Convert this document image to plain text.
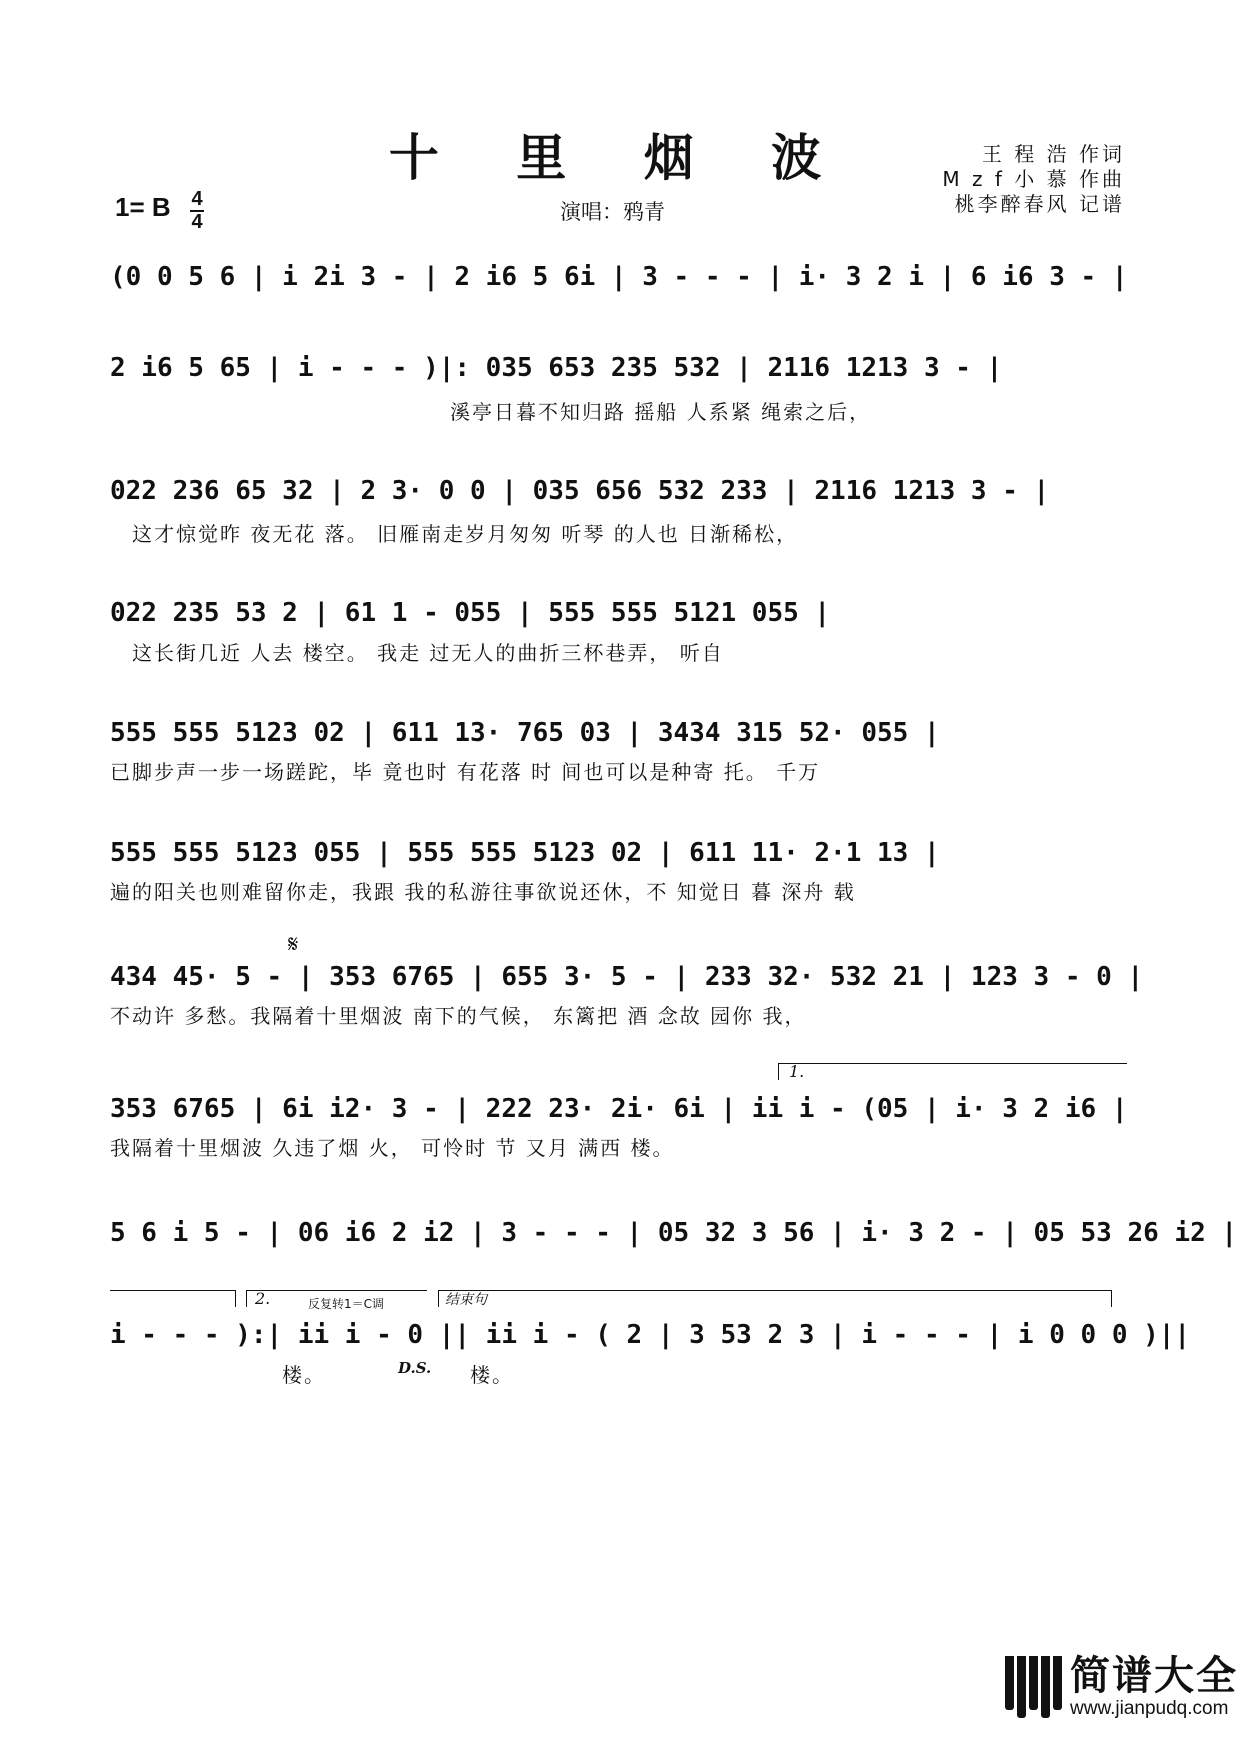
十 里 烟 波
1= B 4
4	演唱：鸦青
王 程 浩 作词
M z f 小 慕 作曲
桃李醉春风 记谱
(0 0 5 6 | i 2i 3 - | 2 i6 5 6i | 3 - - - | i· 3 2 i | 6 i6 3 - |
2 i6 5 65 | i - - - )|: 035 653 235 532 | 2116 1213 3 - |
溪亭日暮不知归路 摇船 人系紧 绳索之后，
022 236 65 32 | 2 3· 0 0 | 035 656 532 233 | 2116 1213 3 - |
这才惊觉昨 夜无花 落。 旧雁南走岁月匆匆 听琴 的人也 日渐稀松，
022 235 53 2 | 61 1 - 055 | 555 555 5121 055 |
这长街几近 人去 楼空。 我走 过无人的曲折三杯巷弄， 听自
555 555 5123 02 | 611 13· 765 03 | 3434 315 52· 055 |
已脚步声一步一场蹉跎，毕 竟也时 有花落 时 间也可以是种寄 托。 千万
555 555 5123 055 | 555 555 5123 02 | 611 11· 2·1 13 |
遍的阳关也则难留你走，我跟 我的私游往事欲说还休，不 知觉日 暮 深舟 载
𝄋
434 45· 5 - | 353 6765 | 655 3· 5 - | 233 32· 532 21 | 123 3 - 0 |
不动许 多愁。我隔着十里烟波 南下的气候， 东篱把 酒 念故 园你 我，
1.
353 6765 | 6i i2· 3 - | 222 23· 2i· 6i | ii i - (05 | i· 3 2 i6 |
我隔着十里烟波 久违了烟 火， 可怜时 节 又月 满西 楼。
5 6 i 5 - | 06 i6 2 i2 | 3 - - - | 05 32 3 56 | i· 3 2 - | 05 53 26 i2 |
2.	反复转1＝C调	结束句
i - - - ):| ii i - 0 || ii i - ( 2 | 3 53 2 3 | i - - - | i 0 0 0 )||
楼。	D.S. 楼。
简谱大全
www.jianpudq.com
